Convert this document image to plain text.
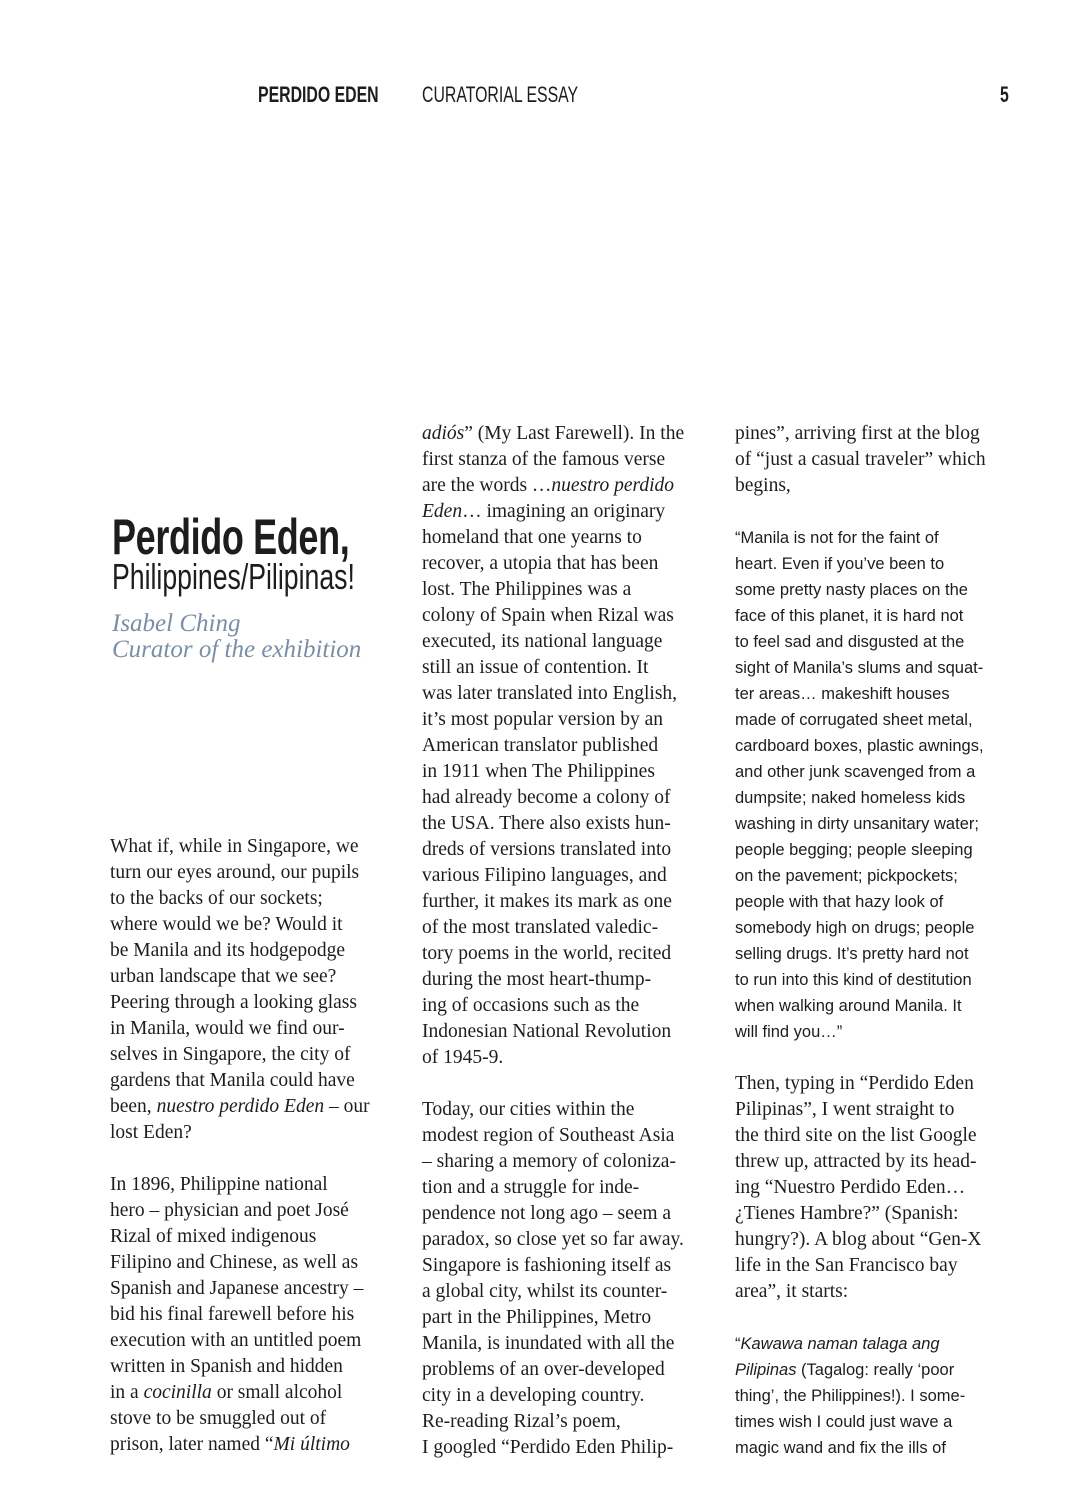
PERDIDO EDEN CURATORIAL ESSAY	5
Perdido Eden,
Philippines/Pilipinas!
Isabel Ching
Curator of the exhibition
What if, while in Singapore, we
turn our eyes around, our pupils
to the backs of our sockets;
where would we be? Would it
be Manila and its hodgepodge
urban landscape that we see?
Peering through a looking glass
in Manila, would we find our-
selves in Singapore, the city of
gardens that Manila could have
been, nuestro perdido Eden – our
lost Eden?
In 1896, Philippine national
hero – physician and poet José
Rizal of mixed indigenous
Filipino and Chinese, as well as
Spanish and Japanese ancestry –
bid his final farewell before his
execution with an untitled poem
written in Spanish and hidden
in a cocinilla or small alcohol
stove to be smuggled out of
prison, later named “Mi último
adiós” (My Last Farewell). In the
first stanza of the famous verse
are the words …nuestro perdido
Eden… imagining an originary
homeland that one yearns to
recover, a utopia that has been
lost. The Philippines was a
colony of Spain when Rizal was
executed, its national language
still an issue of contention. It
was later translated into English,
it’s most popular version by an
American translator published
in 1911 when The Philippines
had already become a colony of
the USA. There also exists hun-
dreds of versions translated into
various Filipino languages, and
further, it makes its mark as one
of the most translated valedic-
tory poems in the world, recited
during the most heart-thump-
ing of occasions such as the
Indonesian National Revolution
of 1945-9.
Today, our cities within the
modest region of Southeast Asia
– sharing a memory of coloniza-
tion and a struggle for inde-
pendence not long ago – seem a
paradox, so close yet so far away.
Singapore is fashioning itself as
a global city, whilst its counter-
part in the Philippines, Metro
Manila, is inundated with all the
problems of an over-developed
city in a developing country.
Re-reading Rizal’s poem,
I googled “Perdido Eden Philip-
pines”, arriving first at the blog
of “just a casual traveler” which
begins,
“Manila is not for the faint of
heart. Even if you’ve been to
some pretty nasty places on the
face of this planet, it is hard not
to feel sad and disgusted at the
sight of Manila’s slums and squat-
ter areas… makeshift houses
made of corrugated sheet metal,
cardboard boxes, plastic awnings,
and other junk scavenged from a
dumpsite; naked homeless kids
washing in dirty unsanitary water;
people begging; people sleeping
on the pavement; pickpockets;
people with that hazy look of
somebody high on drugs; people
selling drugs. It’s pretty hard not
to run into this kind of destitution
when walking around Manila. It
will find you…”
Then, typing in “Perdido Eden
Pilipinas”, I went straight to
the third site on the list Google
threw up, attracted by its head-
ing “Nuestro Perdido Eden…
¿Tienes Hambre?” (Spanish:
hungry?). A blog about “Gen-X
life in the San Francisco bay
area”, it starts:
“Kawawa naman talaga ang
Pilipinas (Tagalog: really ‘poor
thing’, the Philippines!). I some-
times wish I could just wave a
magic wand and fix the ills of
